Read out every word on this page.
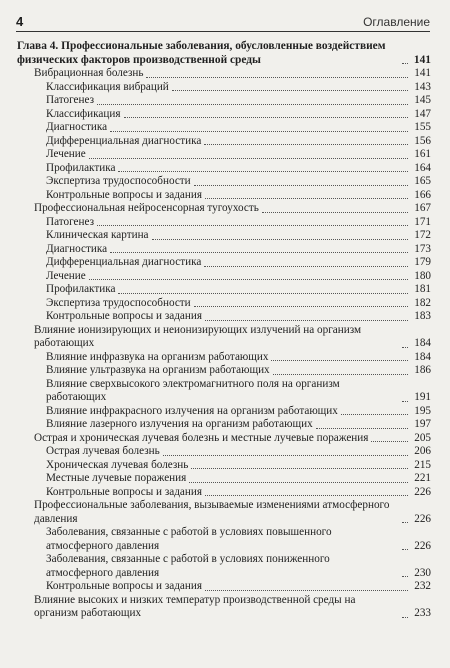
4	Оглавление
Глава 4. Профессиональные заболевания, обусловленные воздействием физических факторов производственной среды	141
Вибрационная болезнь	141
Классификация вибраций	143
Патогенез	145
Классификация	147
Диагностика	155
Дифференциальная диагностика	156
Лечение	161
Профилактика	164
Экспертиза трудоспособности	165
Контрольные вопросы и задания	166
Профессиональная нейросенсорная тугоухость	167
Патогенез	171
Клиническая картина	172
Диагностика	173
Дифференциальная диагностика	179
Лечение	180
Профилактика	181
Экспертиза трудоспособности	182
Контрольные вопросы и задания	183
Влияние ионизирующих и неионизирующих излучений на организм работающих	184
Влияние инфразвука на организм работающих	184
Влияние ультразвука на организм работающих	186
Влияние сверхвысокого электромагнитного поля на организм работающих	191
Влияние инфракрасного излучения на организм работающих	195
Влияние лазерного излучения на организм работающих	197
Острая и хроническая лучевая болезнь и местные лучевые поражения	205
Острая лучевая болезнь	206
Хроническая лучевая болезнь	215
Местные лучевые поражения	221
Контрольные вопросы и задания	226
Профессиональные заболевания, вызываемые изменениями атмосферного давления	226
Заболевания, связанные с работой в условиях повышенного атмосферного давления	226
Заболевания, связанные с работой в условиях пониженного атмосферного давления	230
Контрольные вопросы и задания	232
Влияние высоких и низких температур производственной среды на организм работающих	233
